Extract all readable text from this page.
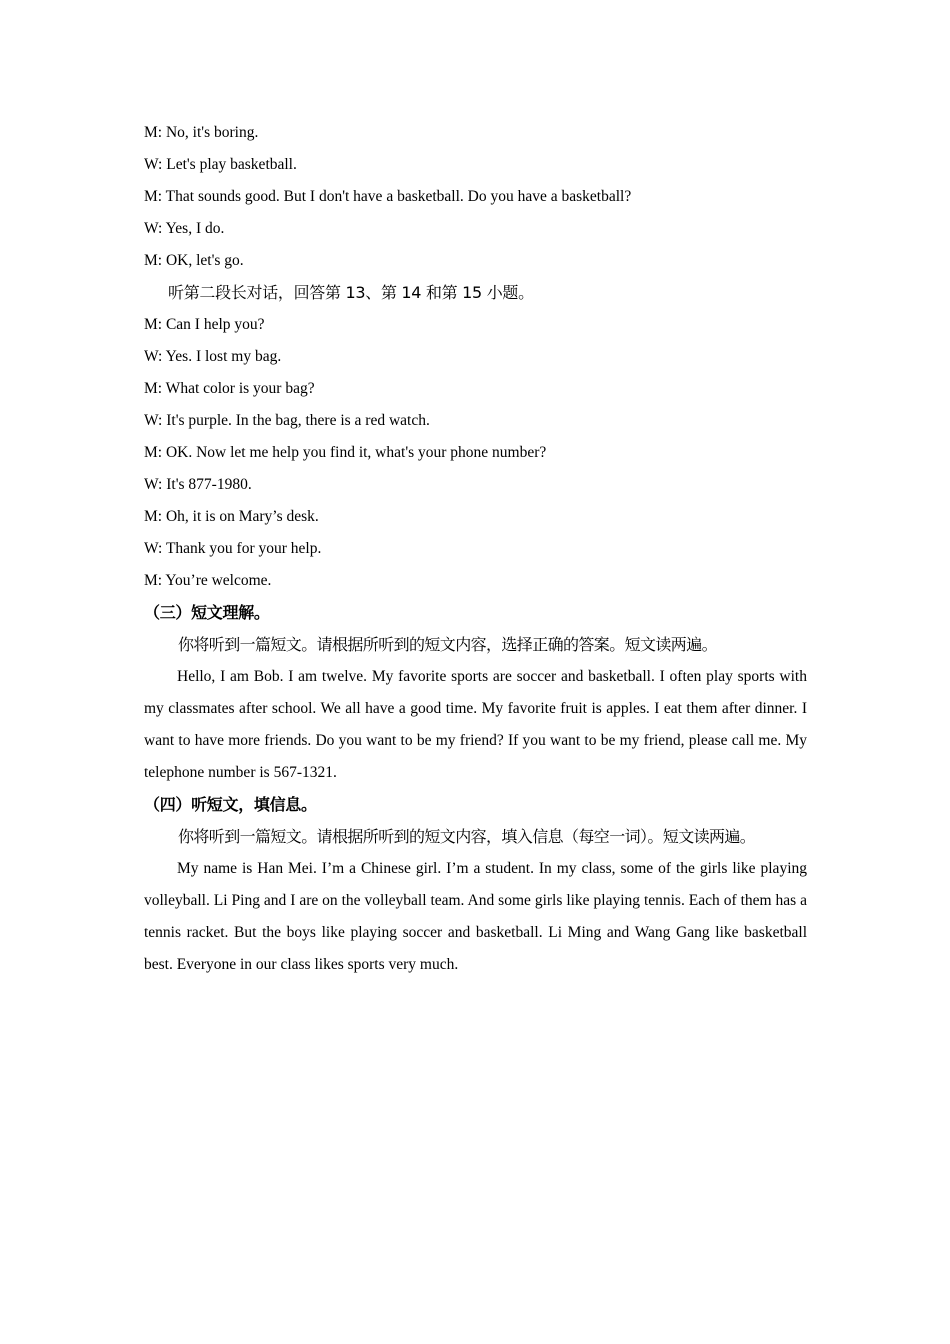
M: No, it's boring.
W: Let's play basketball.
M: That sounds good. But I don't have a basketball. Do you have a basketball?
W: Yes, I do.
M: OK, let's go.
听第二段长对话，回答第 13、第 14 和第 15 小题。
M: Can I help you?
W: Yes. I lost my bag.
M: What color is your bag?
W: It's purple. In the bag, there is a red watch.
M: OK. Now let me help you find it, what's your phone number?
W: It's 877-1980.
M: Oh, it is on Mary’s desk.
W: Thank you for your help.
M: You’re welcome.
（三）短文理解。
你将听到一篇短文。请根据所听到的短文内容，选择正确的答案。短文读两遍。

Hello, I am Bob. I am twelve. My favorite sports are soccer and basketball. I often play sports with my classmates after school. We all have a good time. My favorite fruit is apples. I eat them after dinner. I want to have more friends. Do you want to be my friend? If you want to be my friend, please call me. My telephone number is 567-1321.

（四）听短文，填信息。
你将听到一篇短文。请根据所听到的短文内容，填入信息（每空一词）。短文读两遍。

My name is Han Mei. I’m a Chinese girl. I’m a student. In my class, some of the girls like playing volleyball. Li Ping and I are on the volleyball team. And some girls like playing tennis. Each of them has a tennis racket. But the boys like playing soccer and basketball. Li Ming and Wang Gang like basketball best. Everyone in our class likes sports very much.
